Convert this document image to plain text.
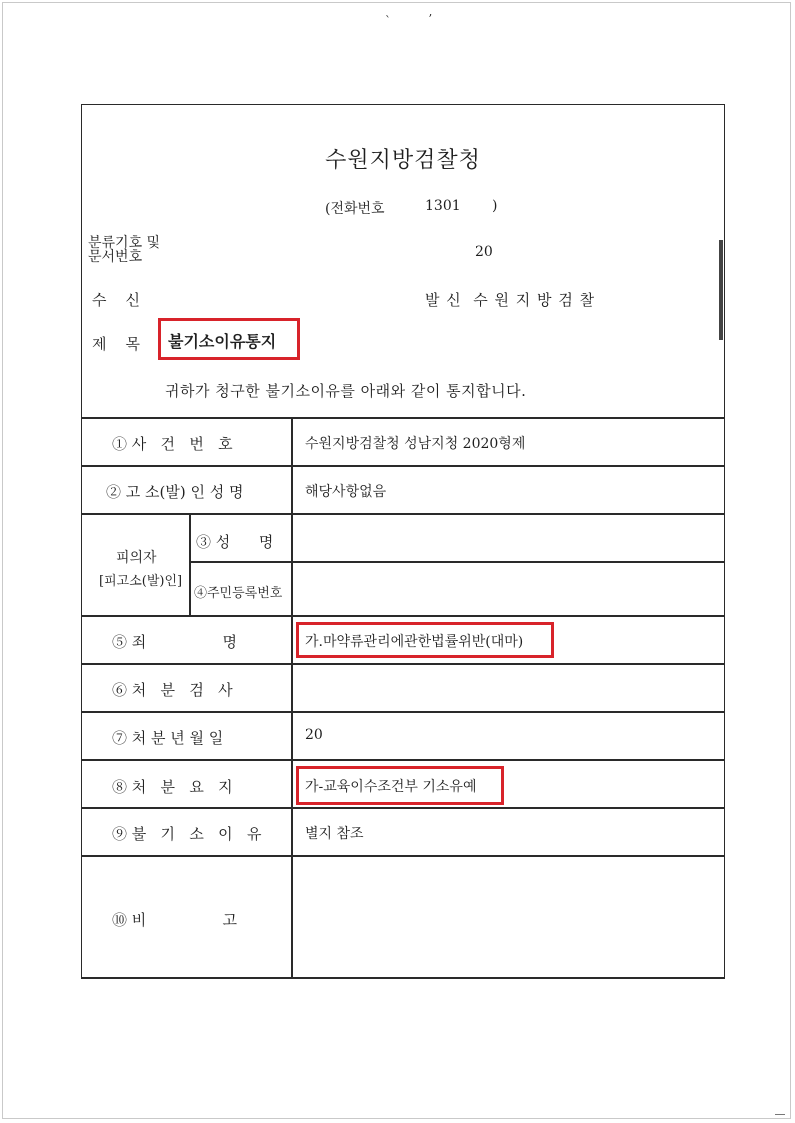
ˋ	ʼ
수원지방검찰청
(전화번호	1301 )
분류기호 및
문서번호	20
수    신	발 신  수 원 지 방 검 찰
제    목 불기소이유통지
귀하가 청구한 불기소이유를 아래와 같이 통지합니다.
① 사   건   번   호	수원지방검찰청 성남지청 2020형제
② 고 소(발) 인 성 명	해당사항없음
피의자
[피고소(발)인]
③ 성      명
④주민등록번호
⑤ 죄                명	가.마약류관리에관한법률위반(대마)
⑥ 처   분   검   사
⑦ 처 분 년 월 일	20
⑧ 처   분   요   지	가-교육이수조건부 기소유예
⑨ 불   기   소   이   유	별지 참조
⑩ 비                고
